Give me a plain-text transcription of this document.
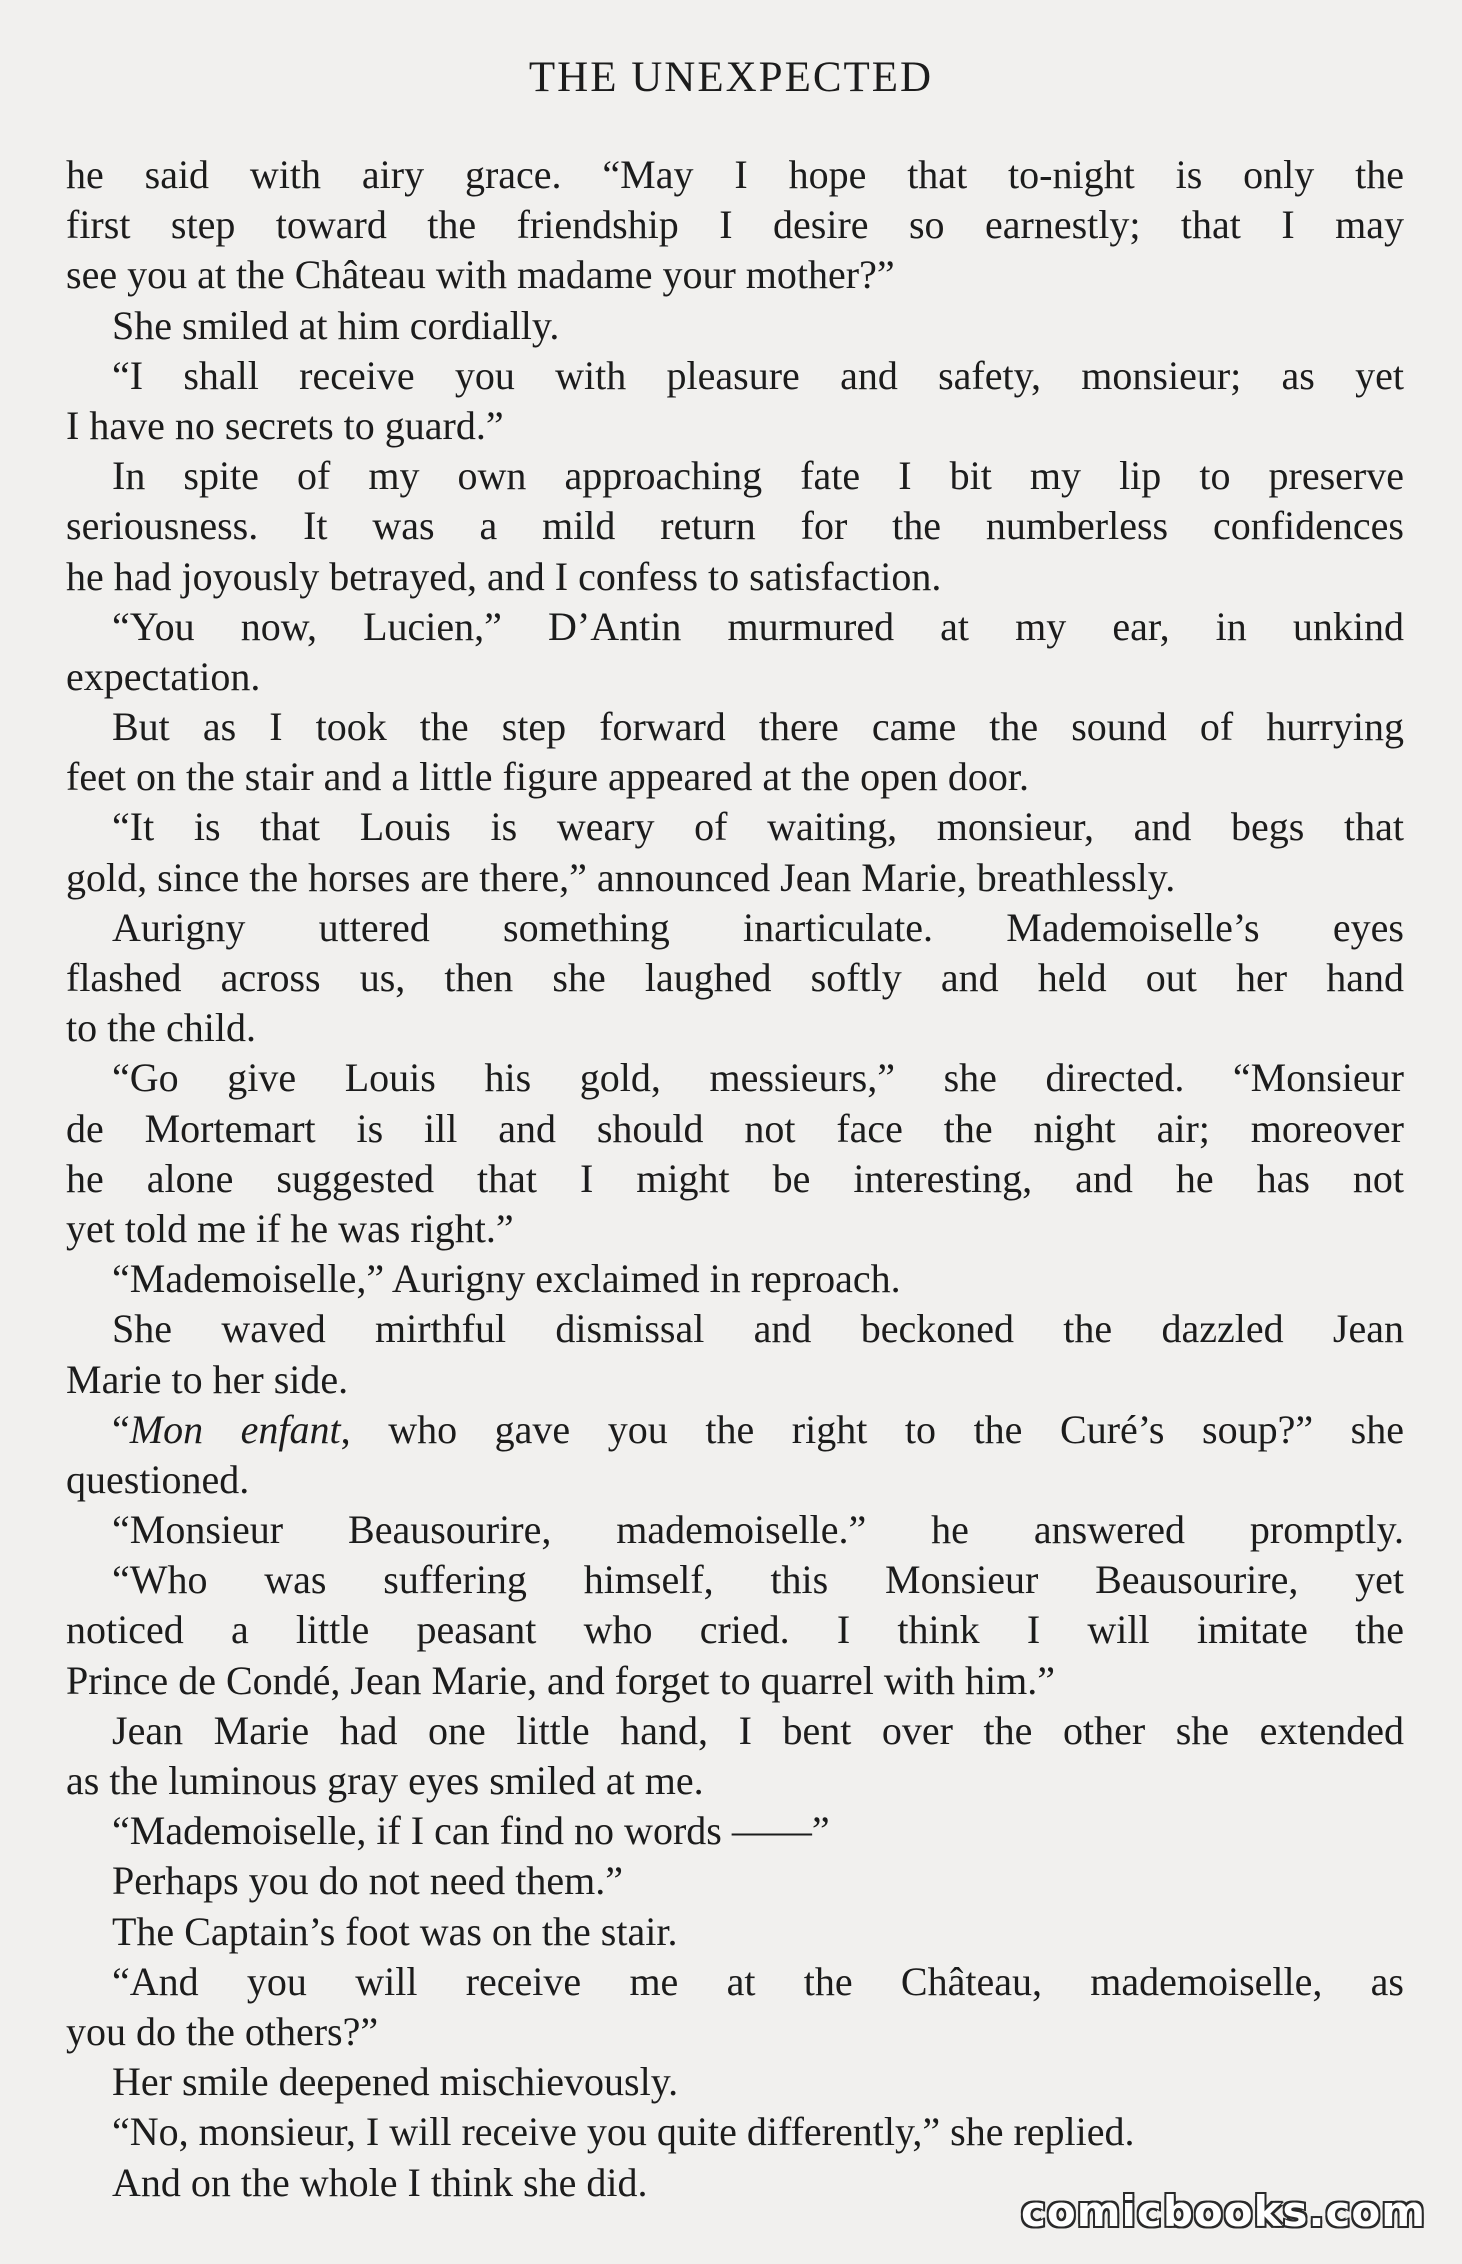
THE UNEXPECTED
he said with airy grace. “May I hope that to-night is only the
first step toward the friendship I desire so earnestly; that I may
see you at the Château with madame your mother?”
She smiled at him cordially.
“I shall receive you with pleasure and safety, monsieur; as yet
I have no secrets to guard.”
In spite of my own approaching fate I bit my lip to preserve
seriousness. It was a mild return for the numberless confidences
he had joyously betrayed, and I confess to satisfaction.
“You now, Lucien,” D’Antin murmured at my ear, in unkind
expectation.
But as I took the step forward there came the sound of hurrying
feet on the stair and a little figure appeared at the open door.
“It is that Louis is weary of waiting, monsieur, and begs that
gold, since the horses are there,” announced Jean Marie, breathlessly.
Aurigny uttered something inarticulate. Mademoiselle’s eyes
flashed across us, then she laughed softly and held out her hand
to the child.
“Go give Louis his gold, messieurs,” she directed. “Monsieur
de Mortemart is ill and should not face the night air; moreover
he alone suggested that I might be interesting, and he has not
yet told me if he was right.”
“Mademoiselle,” Aurigny exclaimed in reproach.
She waved mirthful dismissal and beckoned the dazzled Jean
Marie to her side.
“Mon enfant, who gave you the right to the Curé’s soup?” she
questioned.
“Monsieur Beausourire, mademoiselle.” he answered promptly.
“Who was suffering himself, this Monsieur Beausourire, yet
noticed a little peasant who cried. I think I will imitate the
Prince de Condé, Jean Marie, and forget to quarrel with him.”
Jean Marie had one little hand, I bent over the other she extended
as the luminous gray eyes smiled at me.
“Mademoiselle, if I can find no words ——”
Perhaps you do not need them.”
The Captain’s foot was on the stair.
“And you will receive me at the Château, mademoiselle, as
you do the others?”
Her smile deepened mischievously.
“No, monsieur, I will receive you quite differently,” she replied.
And on the whole I think she did.
comicbooks.com
